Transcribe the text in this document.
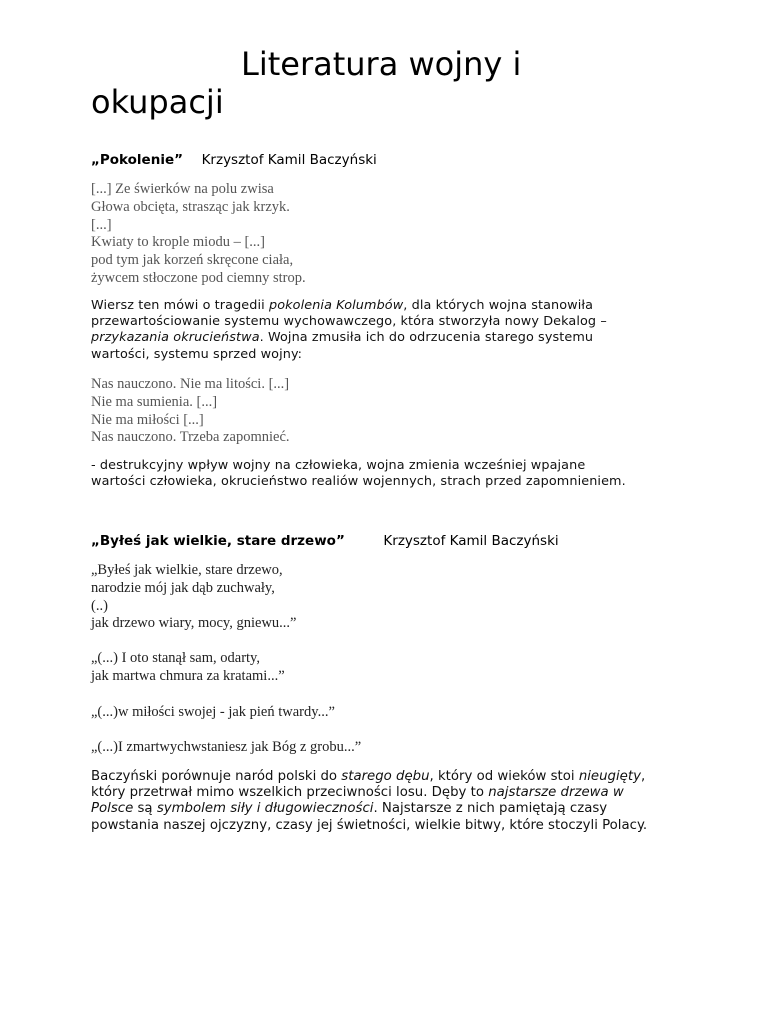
Literatura wojny i
okupacji
„Pokolenie” Krzysztof Kamil Baczyński
[...] Ze świerków na polu zwisa
Głowa obcięta, strasząc jak krzyk.
[...]
Kwiaty to krople miodu – [...]
pod tym jak korzeń skręcone ciała,
żywcem stłoczone pod ciemny strop.
Wiersz ten mówi o tragedii pokolenia Kolumbów, dla których wojna stanowiła
przewartościowanie systemu wychowawczego, która stworzyła nowy Dekalog –
przykazania okrucieństwa. Wojna zmusiła ich do odrzucenia starego systemu
wartości, systemu sprzed wojny:
Nas nauczono. Nie ma litości. [...]
Nie ma sumienia. [...]
Nie ma miłości [...]
Nas nauczono. Trzeba zapomnieć.
- destrukcyjny wpływ wojny na człowieka, wojna zmienia wcześniej wpajane
wartości człowieka, okrucieństwo realiów wojennych, strach przed zapomnieniem.
„Byłeś jak wielkie, stare drzewo”	Krzysztof Kamil Baczyński
„Byłeś jak wielkie, stare drzewo,
narodzie mój jak dąb zuchwały,
(..)
jak drzewo wiary, mocy, gniewu...”
„(...) I oto stanął sam, odarty,
jak martwa chmura za kratami...”
„(...)w miłości swojej - jak pień twardy...”
„(...)I zmartwychwstaniesz jak Bóg z grobu...”
Baczyński porównuje naród polski do starego dębu, który od wieków stoi nieugięty,
który przetrwał mimo wszelkich przeciwności losu. Dęby to najstarsze drzewa w
Polsce są symbolem siły i długowieczności. Najstarsze z nich pamiętają czasy
powstania naszej ojczyzny, czasy jej świetności, wielkie bitwy, które stoczyli Polacy.
